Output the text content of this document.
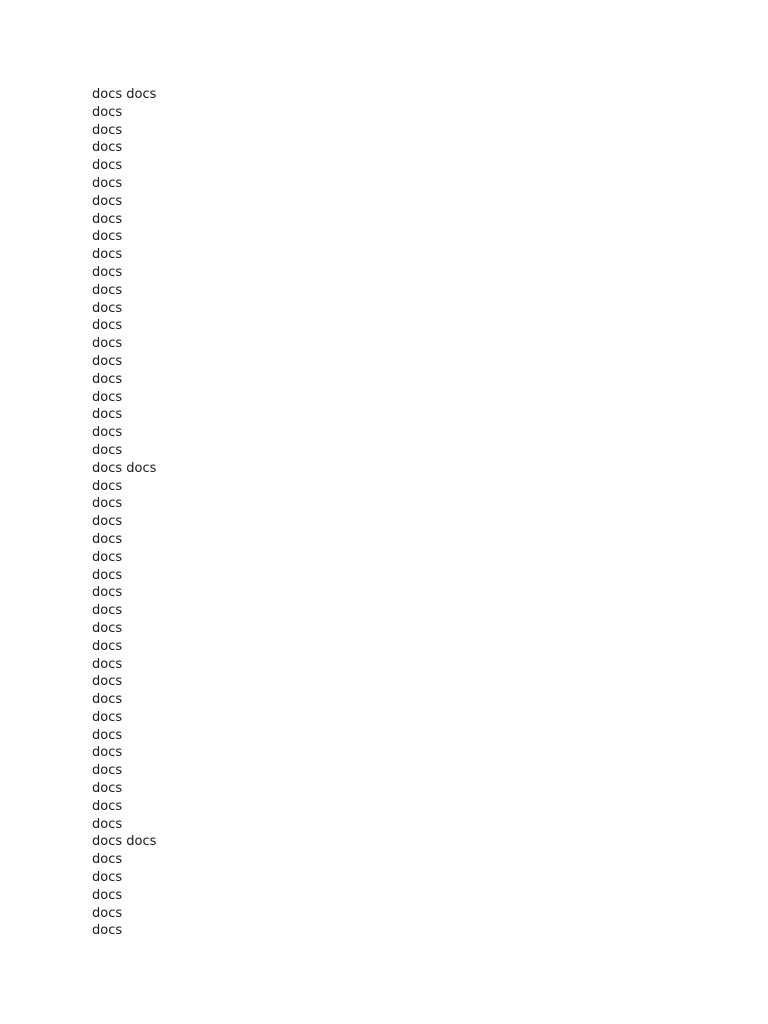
docs docs
docs
docs
docs
docs
docs
docs
docs
docs
docs
docs
docs
docs
docs
docs
docs
docs
docs
docs
docs
docs
docs docs
docs
docs
docs
docs
docs
docs
docs
docs
docs
docs
docs
docs
docs
docs
docs
docs
docs
docs
docs
docs
docs docs
docs
docs
docs
docs
docs
